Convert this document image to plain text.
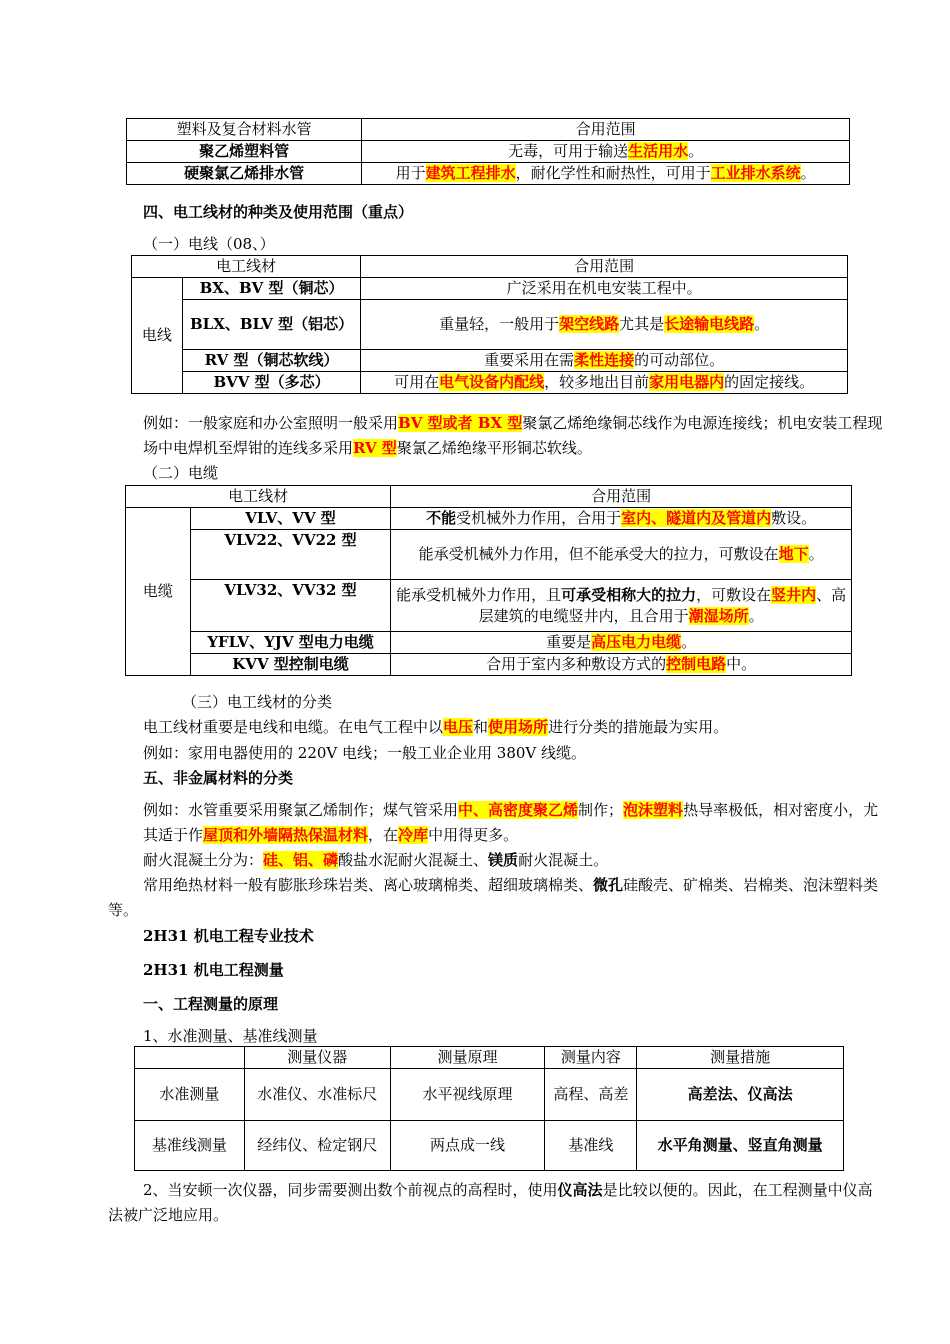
塑料及复合材料水管	合用范围
聚乙烯塑料管	无毒，可用于输送生活用水。
硬聚氯乙烯排水管	用于建筑工程排水，耐化学性和耐热性，可用于工业排水系统。
四、电工线材的种类及使用范围（重点）
（一）电线（08、）
电工线材		合用范围
电线	BX、BV 型（铜芯）	广泛采用在机电安装工程中。
	BLX、BLV 型（铝芯）	重量轻，一般用于架空线路尤其是长途输电线路。
	RV 型（铜芯软线）	重要采用在需柔性连接的可动部位。
	BVV 型（多芯）	可用在电气设备内配线，较多地出目前家用电器内的固定接线。
例如：一般家庭和办公室照明一般采用BV 型或者 BX 型聚氯乙烯绝缘铜芯线作为电源连接线；机电安装工程现场中电焊机至焊钳的连线多采用RV 型聚氯乙烯绝缘平形铜芯软线。
（二）电缆
电工线材		合用范围
电缆	VLV、VV 型	不能受机械外力作用，合用于室内、隧道内及管道内敷设。
	VLV22、VV22 型	能承受机械外力作用，但不能承受大的拉力，可敷设在地下。
	VLV32、VV32 型	能承受机械外力作用，且可承受相称大的拉力，可敷设在竖井内、高层建筑的电缆竖井内，且合用于潮湿场所。
	YFLV、YJV 型电力电缆	重要是高压电力电缆。
	KVV 型控制电缆	合用于室内多种敷设方式的控制电路中。
（三）电工线材的分类
电工线材重要是电线和电缆。在电气工程中以电压和使用场所进行分类的措施最为实用。
例如：家用电器使用的 220V 电线；一般工业企业用 380V 线缆。
五、非金属材料的分类
例如：水管重要采用聚氯乙烯制作；煤气管采用中、高密度聚乙烯制作；泡沫塑料热导率极低，相对密度小，尤其适于作屋顶和外墙隔热保温材料，在冷库中用得更多。
耐火混凝土分为：硅、铝、磷酸盐水泥耐火混凝土、镁质耐火混凝土。
常用绝热材料一般有膨胀珍珠岩类、离心玻璃棉类、超细玻璃棉类、微孔硅酸壳、矿棉类、岩棉类、泡沫塑料类等。
2H31 机电工程专业技术
2H31 机电工程测量
一、工程测量的原理
1、水准测量、基准线测量
	测量仪器	测量原理	测量内容	测量措施
水准测量	水准仪、水准标尺	水平视线原理	高程、高差	高差法、仪高法
基准线测量	经纬仪、检定钢尺	两点成一线	基准线	水平角测量、竖直角测量
2、当安顿一次仪器，同步需要测出数个前视点的高程时，使用仪高法是比较以便的。因此，在工程测量中仪高法被广泛地应用。
